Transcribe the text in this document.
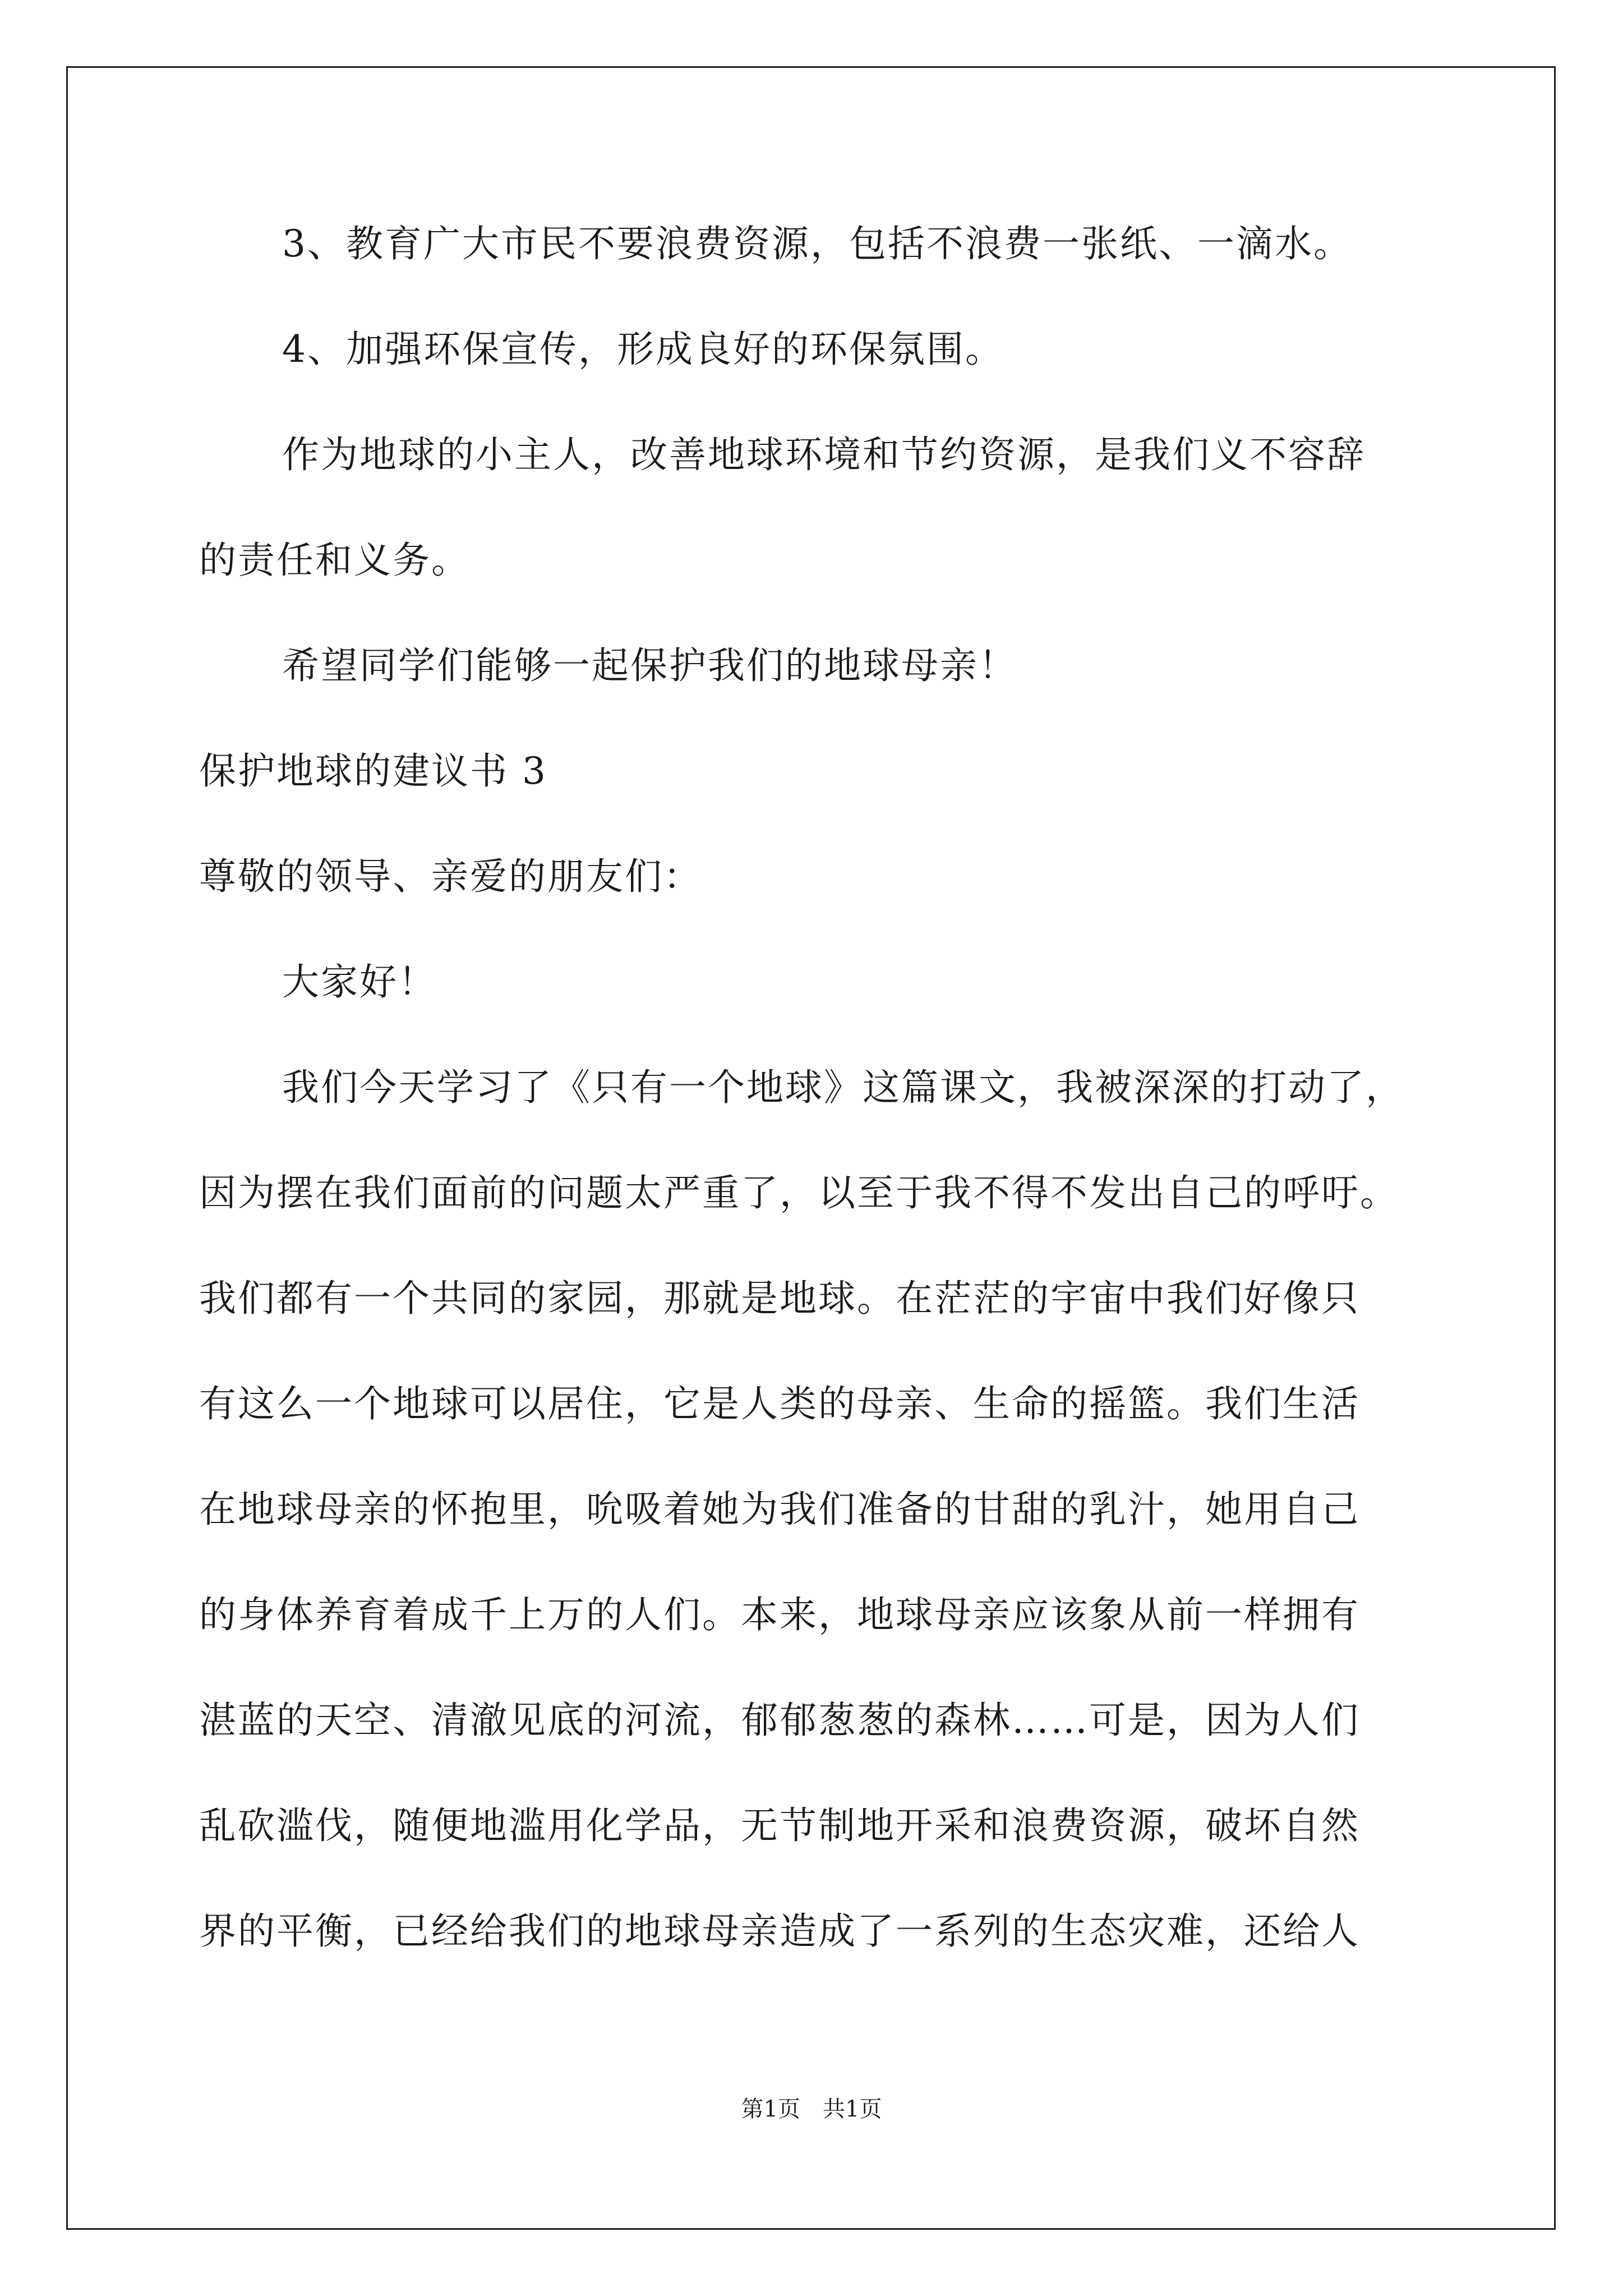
3、教育广大市民不要浪费资源，包括不浪费一张纸、一滴水。
4、加强环保宣传，形成良好的环保氛围。
作为地球的小主人，改善地球环境和节约资源，是我们义不容辞
的责任和义务。
希望同学们能够一起保护我们的地球母亲！
保护地球的建议书 3
尊敬的领导、亲爱的朋友们：
大家好！
我们今天学习了《只有一个地球》这篇课文，我被深深的打动了，
因为摆在我们面前的问题太严重了，以至于我不得不发出自己的呼吁。
我们都有一个共同的家园，那就是地球。在茫茫的宇宙中我们好像只
有这么一个地球可以居住，它是人类的母亲、生命的摇篮。我们生活
在地球母亲的怀抱里，吮吸着她为我们准备的甘甜的乳汁，她用自己
的身体养育着成千上万的人们。本来，地球母亲应该象从前一样拥有
湛蓝的天空、清澈见底的河流，郁郁葱葱的森林……可是，因为人们
乱砍滥伐，随便地滥用化学品，无节制地开采和浪费资源，破坏自然
界的平衡，已经给我们的地球母亲造成了一系列的生态灾难，还给人
第1页　共1页
